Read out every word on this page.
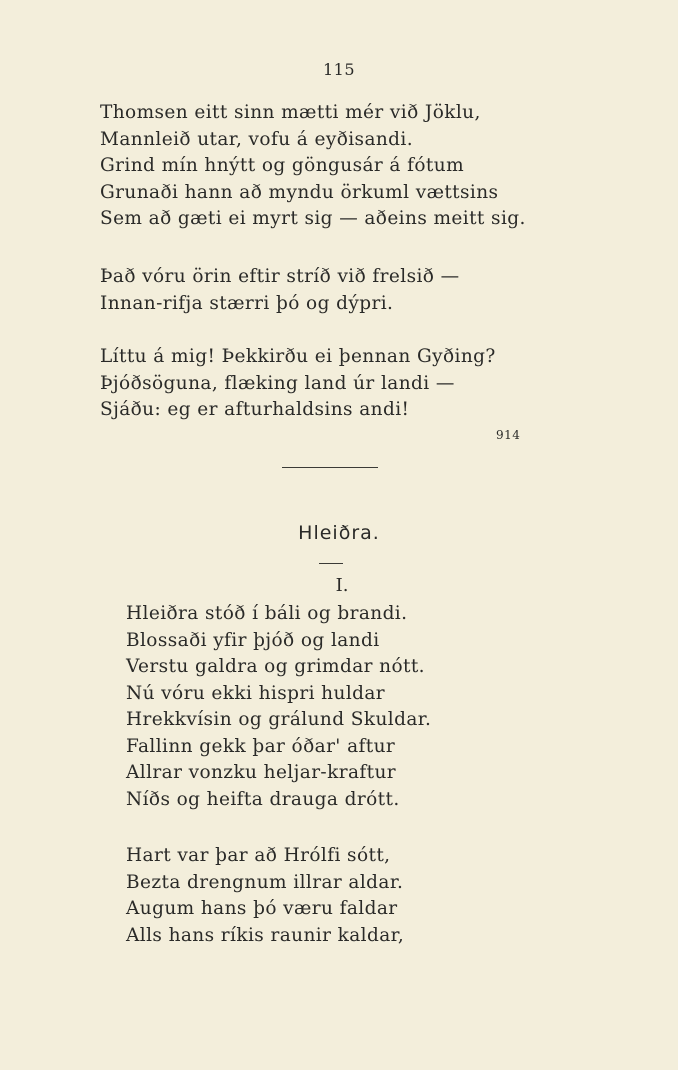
115
Thomsen eitt sinn mætti mér við Jöklu,
Mannleið utar, vofu á eyðisandi.
Grind mín hnýtt og göngusár á fótum
Grunaði hann að myndu örkuml vættsins
Sem að gæti ei myrt sig — aðeins meitt sig.
Það vóru örin eftir stríð við frelsið —
Innan-rifja stærri þó og dýpri.
Líttu á mig! Þekkirðu ei þennan Gyðing?
Þjóðsöguna, flæking land úr landi —
Sjáðu: eg er afturhaldsins andi!
914
Hleiðra.
I.
Hleiðra stóð í báli og brandi.
Blossaði yfir þjóð og landi
Verstu galdra og grimdar nótt.
Nú vóru ekki hispri huldar
Hrekkvísin og grálund Skuldar.
Fallinn gekk þar óðar' aftur
Allrar vonzku heljar-kraftur
Níðs og heifta drauga drótt.
Hart var þar að Hrólfi sótt,
Bezta drengnum illrar aldar.
Augum hans þó væru faldar
Alls hans ríkis raunir kaldar,
